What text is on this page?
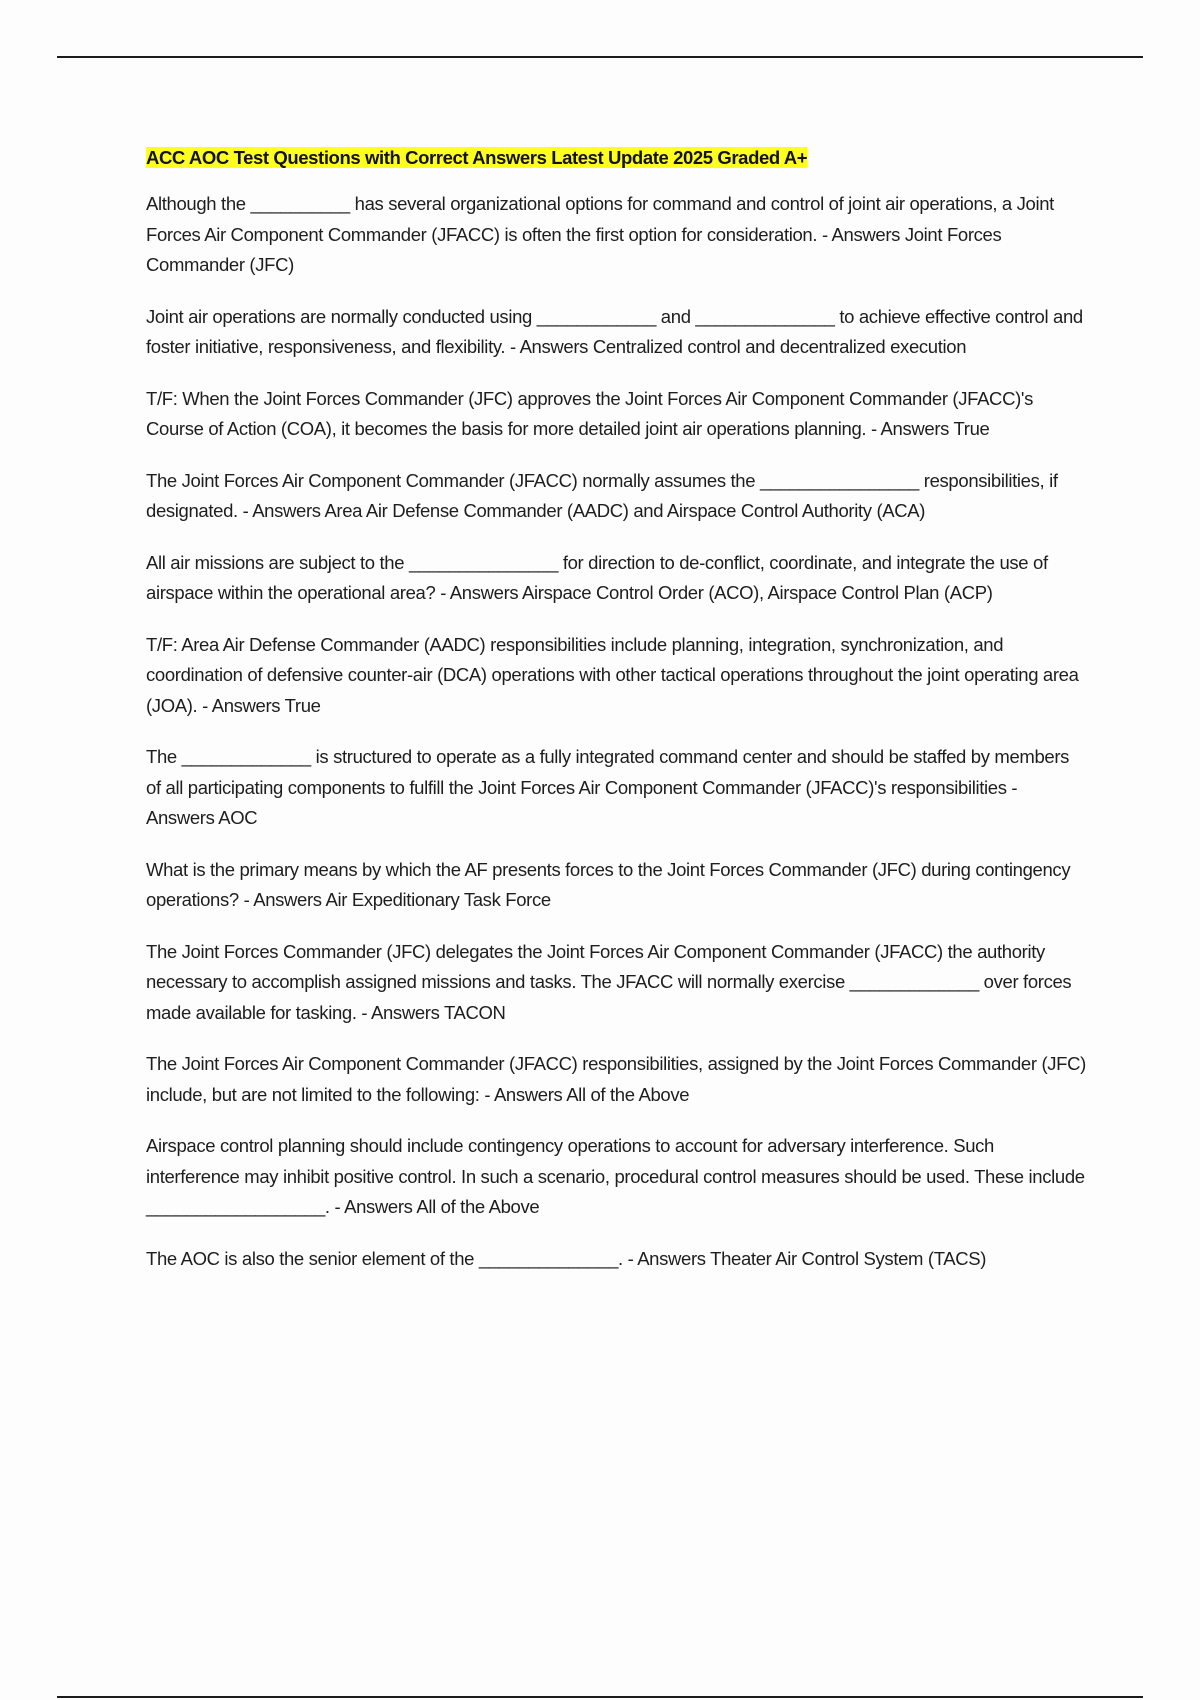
ACC AOC Test Questions with Correct Answers Latest Update 2025 Graded A+

Although the __________ has several organizational options for command and control of joint air operations, a Joint Forces Air Component Commander (JFACC) is often the first option for consideration. - Answers Joint Forces Commander (JFC)

Joint air operations are normally conducted using ____________ and ______________ to achieve effective control and foster initiative, responsiveness, and flexibility. - Answers Centralized control and decentralized execution

T/F: When the Joint Forces Commander (JFC) approves the Joint Forces Air Component Commander (JFACC)'s Course of Action (COA), it becomes the basis for more detailed joint air operations planning. - Answers True

The Joint Forces Air Component Commander (JFACC) normally assumes the ________________ responsibilities, if designated. - Answers Area Air Defense Commander (AADC) and Airspace Control Authority (ACA)

All air missions are subject to the _______________ for direction to de-conflict, coordinate, and integrate the use of airspace within the operational area? - Answers Airspace Control Order (ACO), Airspace Control Plan (ACP)

T/F: Area Air Defense Commander (AADC) responsibilities include planning, integration, synchronization, and coordination of defensive counter-air (DCA) operations with other tactical operations throughout the joint operating area (JOA). - Answers True

The _____________ is structured to operate as a fully integrated command center and should be staffed by members of all participating components to fulfill the Joint Forces Air Component Commander (JFACC)'s responsibilities - Answers AOC

What is the primary means by which the AF presents forces to the Joint Forces Commander (JFC) during contingency operations? - Answers Air Expeditionary Task Force

The Joint Forces Commander (JFC) delegates the Joint Forces Air Component Commander (JFACC) the authority necessary to accomplish assigned missions and tasks. The JFACC will normally exercise _____________ over forces made available for tasking. - Answers TACON

The Joint Forces Air Component Commander (JFACC) responsibilities, assigned by the Joint Forces Commander (JFC) include, but are not limited to the following: - Answers All of the Above

Airspace control planning should include contingency operations to account for adversary interference. Such interference may inhibit positive control. In such a scenario, procedural control measures should be used. These include __________________. - Answers All of the Above

The AOC is also the senior element of the ______________. - Answers Theater Air Control System (TACS)
